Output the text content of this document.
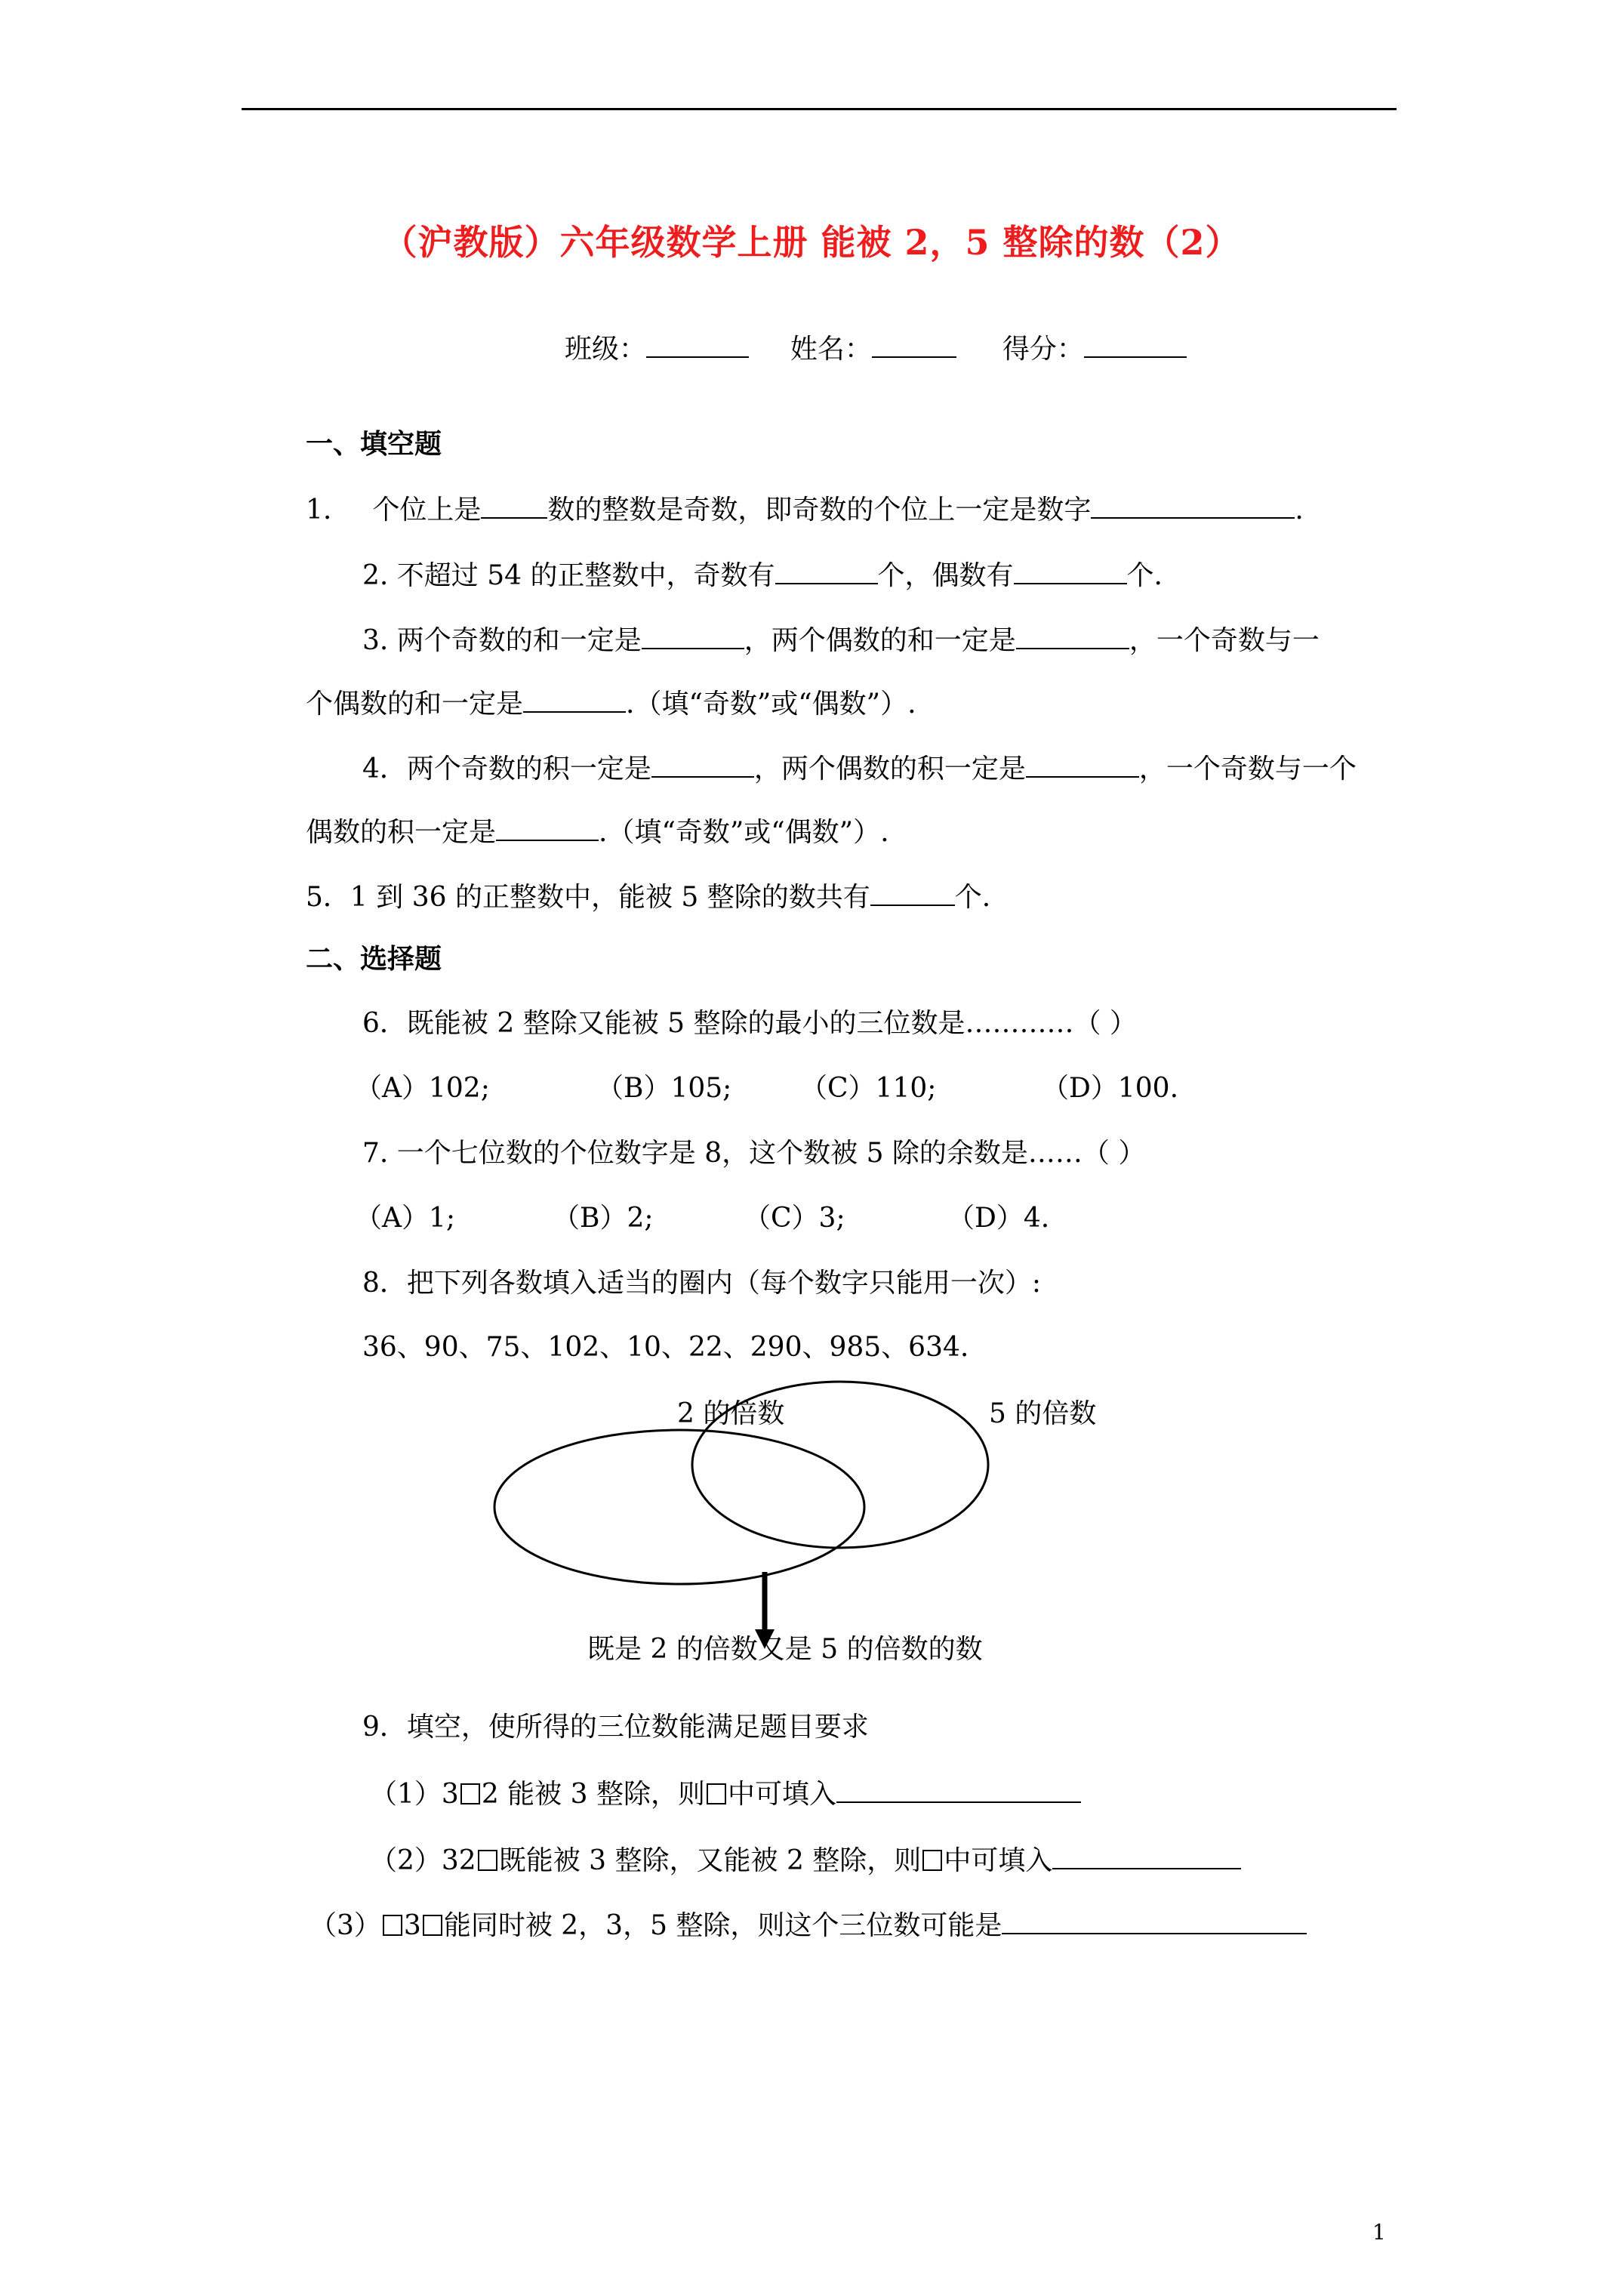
（沪教版）六年级数学上册 能被 2，5 整除的数（2）
班级：	姓名：	得分：
一、填空题
1. 个位上是 数的整数是奇数，即奇数的个位上一定是数字	.
2. 不超过 54 的正整数中，奇数有	个，偶数有	个.
3. 两个奇数的和一定是	，两个偶数的和一定是	，一个奇数与一
个偶数的和一定是	.（填“奇数”或“偶数”）.
4．两个奇数的积一定是	，两个偶数的积一定是	，一个奇数与一个
偶数的积一定是	.（填“奇数”或“偶数”）.
5．1 到 36 的正整数中，能被 5 整除的数共有	个.
二、选择题
6．既能被 2 整除又能被 5 整除的最小的三位数是…………（ ）
（A）102;	（B）105;	（C）110;	（D）100.
7. 一个七位数的个位数字是 8，这个数被 5 除的余数是……（ ）
（A）1;	（B）2;	（C）3;	（D）4.
8．把下列各数填入适当的圈内（每个数字只能用一次）:
36、90、75、102、10、22、290、985、634.
2 的倍数	5 的倍数
既是 2 的倍数又是 5 的倍数的数
9．填空，使所得的三位数能满足题目要求
（1）3 2 能被 3 整除，则 中可填入
（2）32 既能被 3 整除，又能被 2 整除，则 中可填入
（3） 3 能同时被 2，3，5 整除，则这个三位数可能是
1
